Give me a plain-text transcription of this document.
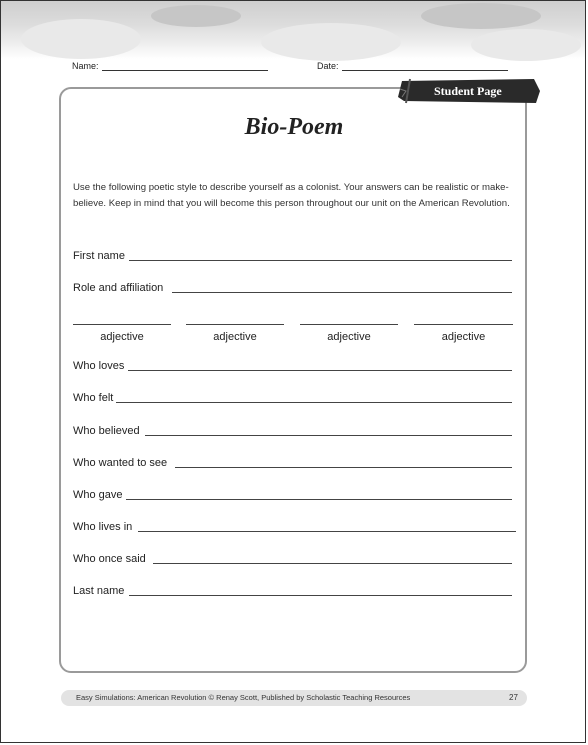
Name:	Date:
Student Page
Bio-Poem
Use the following poetic style to describe yourself as a colonist. Your answers can be realistic or make-believe. Keep in mind that you will become this person throughout our unit on the American Revolution.
First name
Role and affiliation
adjective	adjective	adjective	adjective
Who loves
Who felt
Who believed
Who wanted to see
Who gave
Who lives in
Who once said
Last name
Easy Simulations: American Revolution © Renay Scott, Published by Scholastic Teaching Resources	27
